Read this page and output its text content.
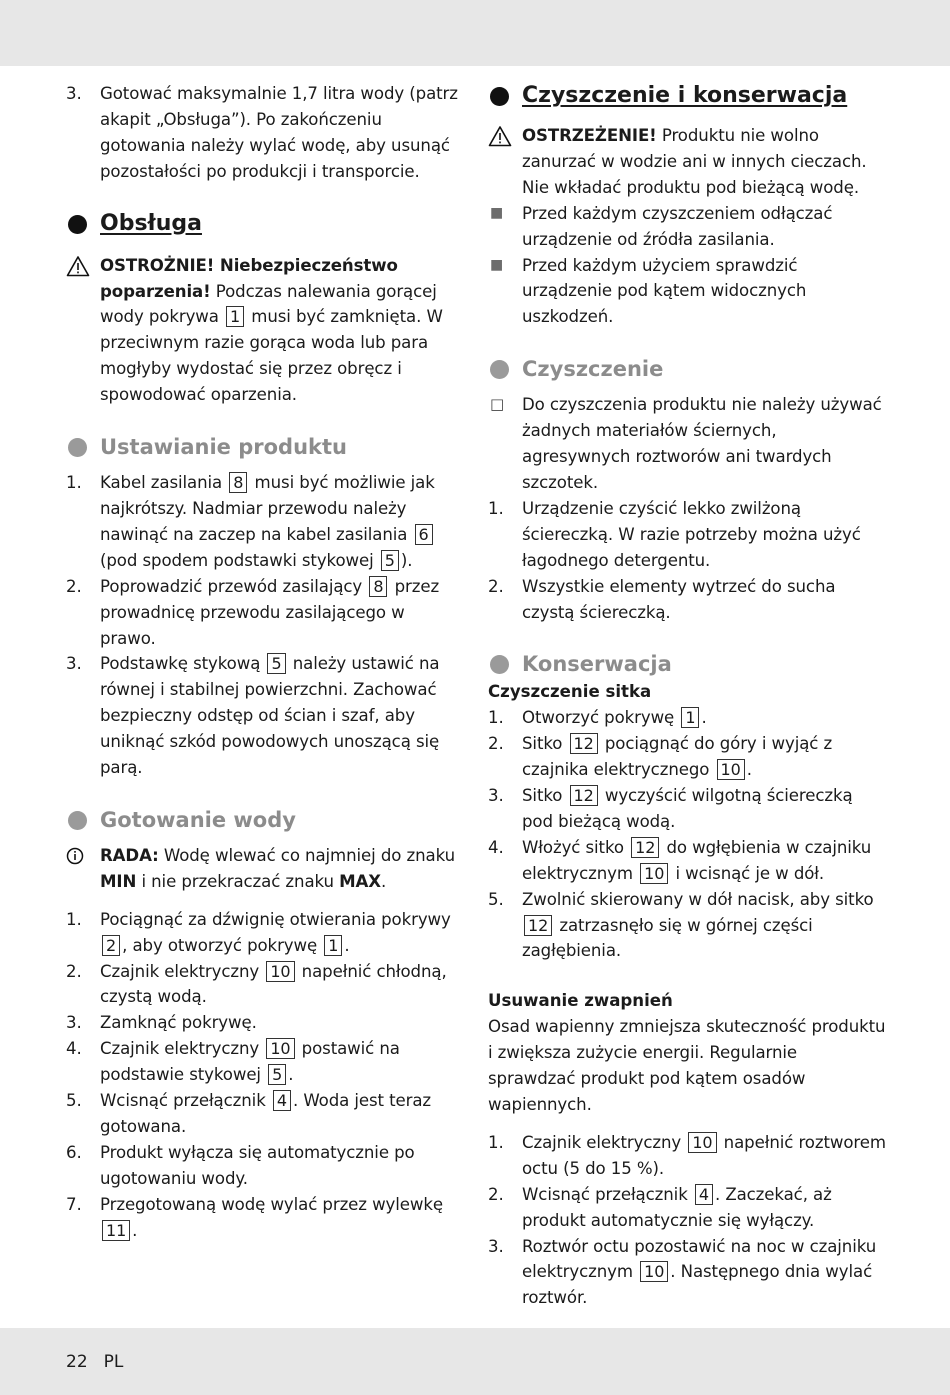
3. Gotować maksymalnie 1,7 litra wody (patrz akapit „Obsługa”). Po zakończeniu gotowania należy wylać wodę, aby usunąć pozostałości po produkcji i transporcie.
Obsługa
OSTROŻNIE! Niebezpieczeństwo poparzenia! Podczas nalewania gorącej wody pokrywa 1 musi być zamknięta. W przeciwnym razie gorąca woda lub para mogłyby wydostać się przez obręcz i spowodować oparzenia.
Ustawianie produktu
1. Kabel zasilania 8 musi być możliwie jak najkrótszy. Nadmiar przewodu należy nawinąć na zaczep na kabel zasilania 6 (pod spodem podstawki stykowej 5 ).
2. Poprowadzić przewód zasilający 8 przez prowadnicę przewodu zasilającego w prawo.
3. Podstawkę stykową 5 należy ustawić na równej i stabilnej powierzchni. Zachować bezpieczny odstęp od ścian i szaf, aby uniknąć szkód powodowych unoszącą się parą.
Gotowanie wody
RADA: Wodę wlewać co najmniej do znaku MIN i nie przekraczać znaku MAX.
1. Pociągnąć za dźwignię otwierania pokrywy 2 , aby otworzyć pokrywę 1 .
2. Czajnik elektryczny 10 napełnić chłodną, czystą wodą.
3. Zamknąć pokrywę.
4. Czajnik elektryczny 10 postawić na podstawie stykowej 5 .
5. Wcisnąć przełącznik 4 . Woda jest teraz gotowana.
6. Produkt wyłącza się automatycznie po ugotowaniu wody.
7. Przegotowaną wodę wylać przez wylewkę 11 .
Czyszczenie i konserwacja
OSTRZEŻENIE! Produktu nie wolno zanurzać w wodzie ani w innych cieczach. Nie wkładać produktu pod bieżącą wodę.
■ Przed każdym czyszczeniem odłączać urządzenie od źródła zasilania.
■ Przed każdym użyciem sprawdzić urządzenie pod kątem widocznych uszkodzeń.
Czyszczenie
□ Do czyszczenia produktu nie należy używać żadnych materiałów ściernych, agresywnych roztworów ani twardych szczotek.
1. Urządzenie czyścić lekko zwilżoną ściereczką. W razie potrzeby można użyć łagodnego detergentu.
2. Wszystkie elementy wytrzeć do sucha czystą ściereczką.
Konserwacja
Czyszczenie sitka
1. Otworzyć pokrywę 1 .
2. Sitko 12 pociągnąć do góry i wyjąć z czajnika elektrycznego 10 .
3. Sitko 12 wyczyścić wilgotną ściereczką pod bieżącą wodą.
4. Włożyć sitko 12 do wgłębienia w czajniku elektrycznym 10 i wcisnąć je w dół.
5. Zwolnić skierowany w dół nacisk, aby sitko 12 zatrzasnęło się w górnej części zagłębienia.
Usuwanie zwapnień
Osad wapienny zmniejsza skuteczność produktu i zwiększa zużycie energii. Regularnie sprawdzać produkt pod kątem osadów wapiennych.
1. Czajnik elektryczny 10 napełnić roztworem octu (5 do 15 %).
2. Wcisnąć przełącznik 4 . Zaczekać, aż produkt automatycznie się wyłączy.
3. Roztwór octu pozostawić na noc w czajniku elektrycznym 10 . Następnego dnia wylać roztwór.
22 PL
